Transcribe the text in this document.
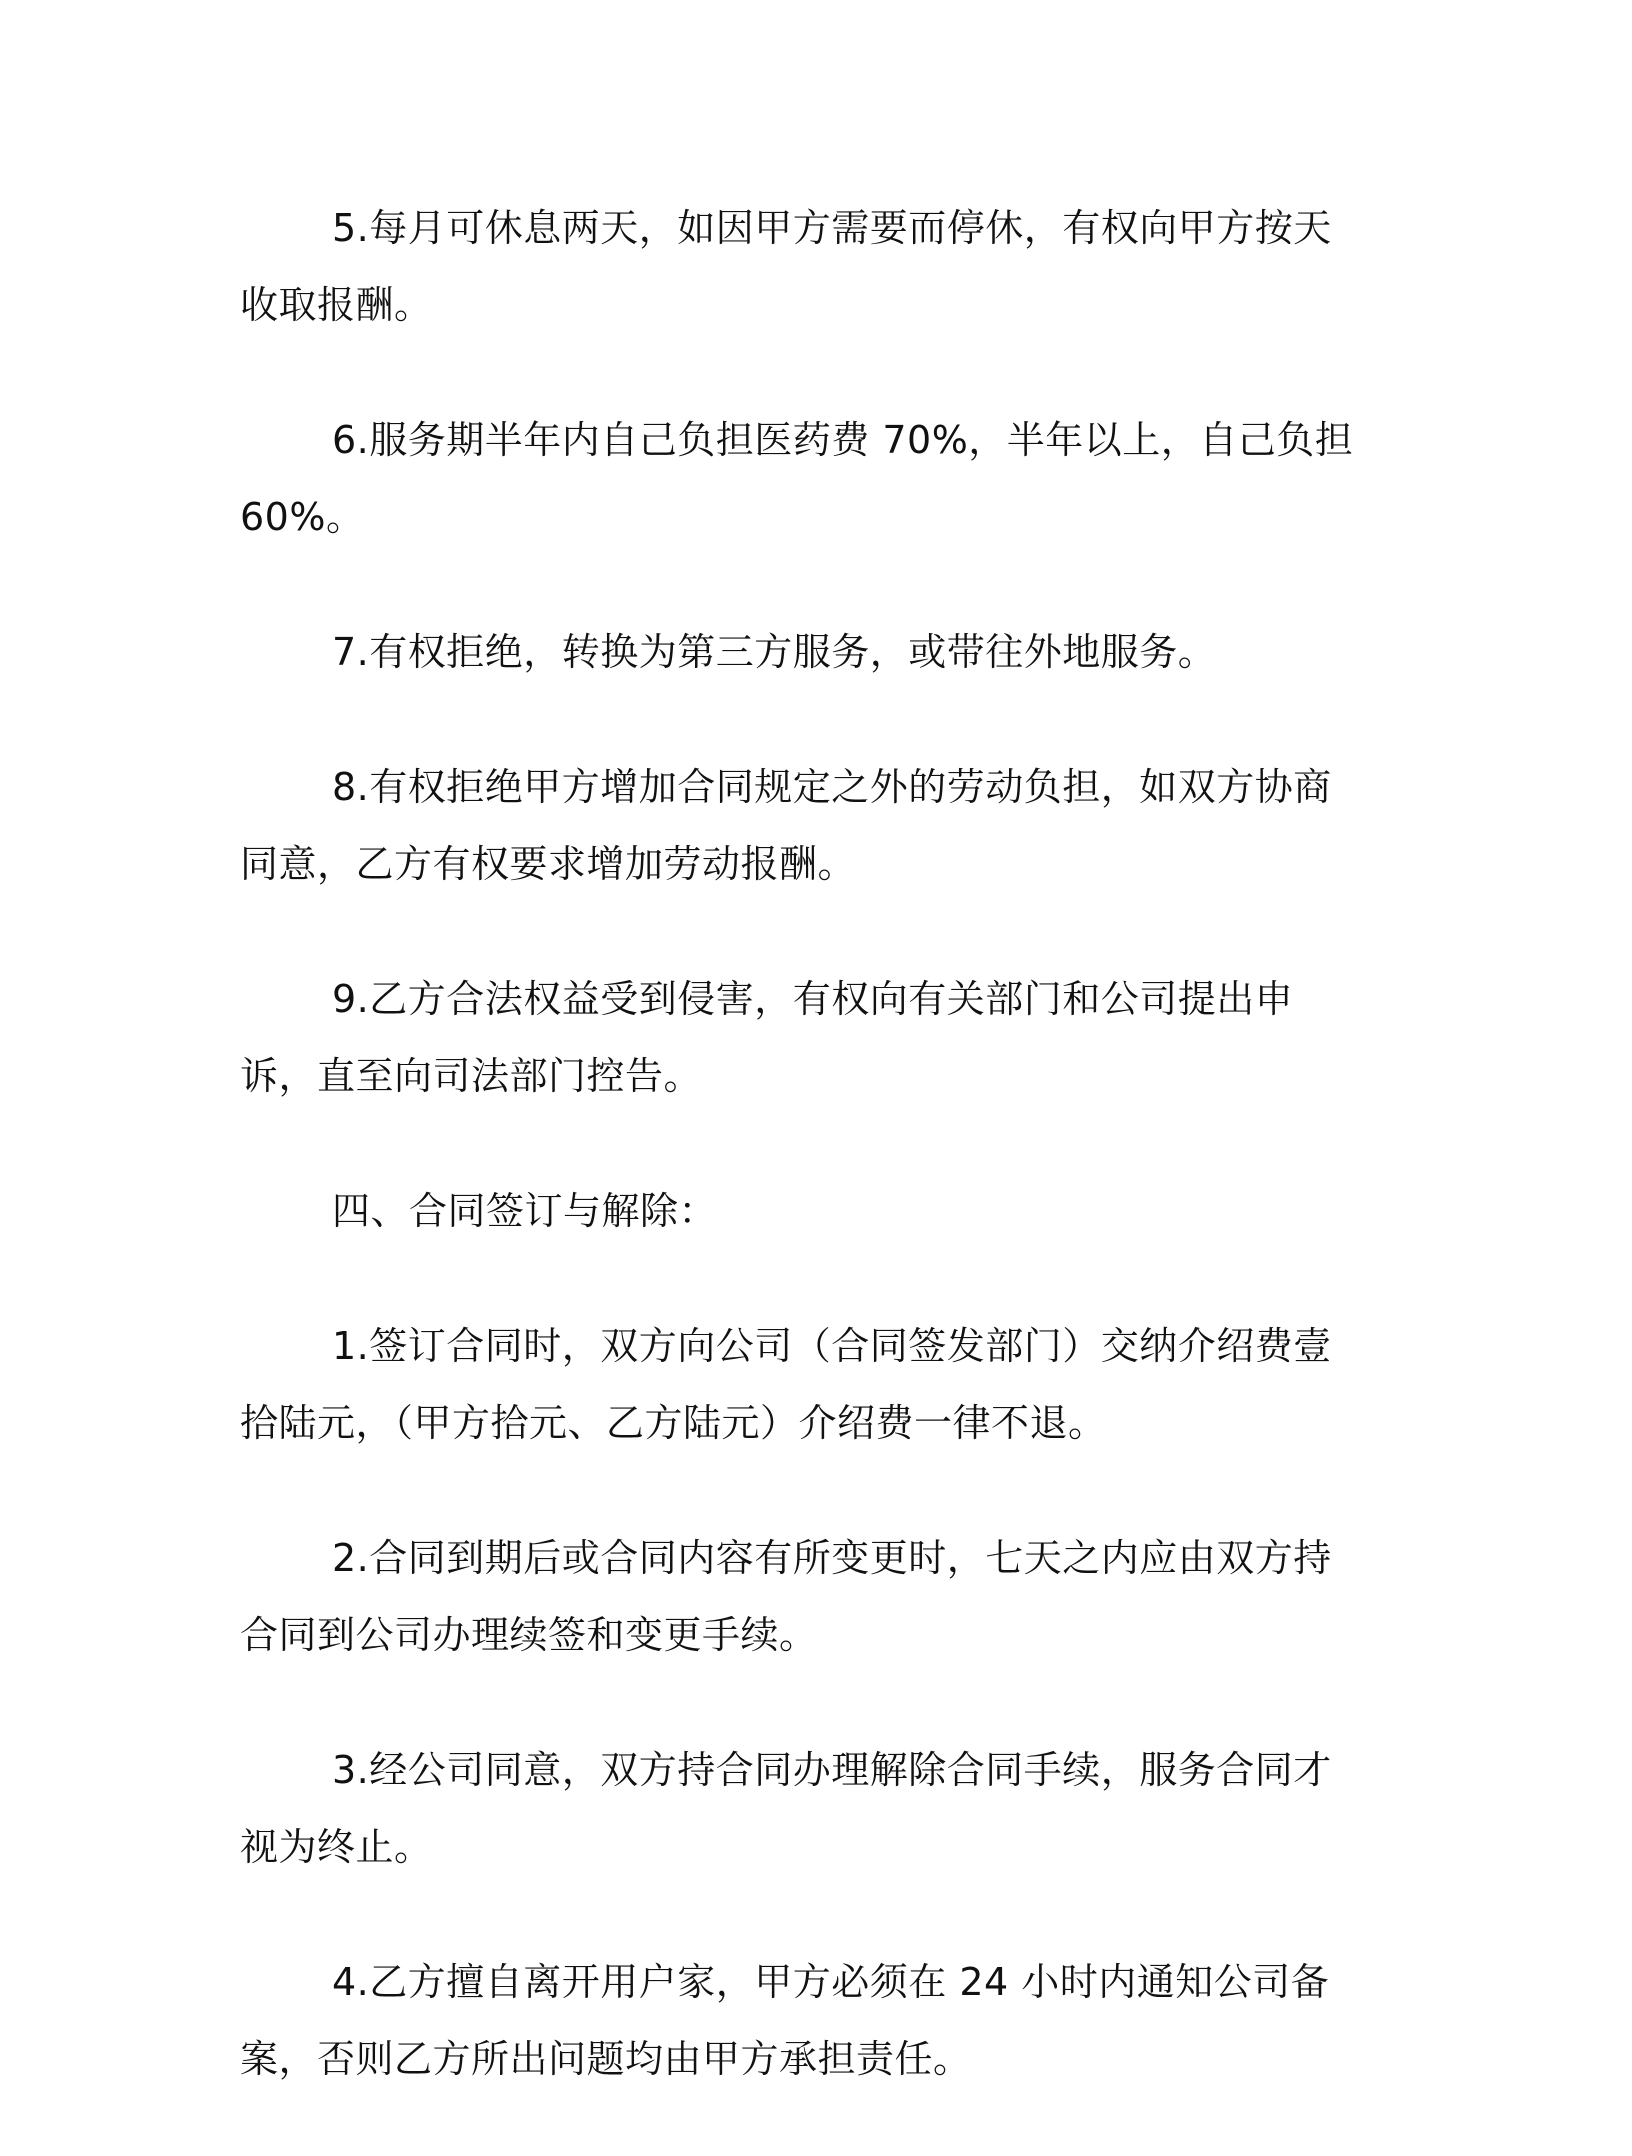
5.每月可休息两天，如因甲方需要而停休，有权向甲方按天收取报酬。

6.服务期半年内自己负担医药费 70%，半年以上，自己负担60%。

7.有权拒绝，转换为第三方服务，或带往外地服务。

8.有权拒绝甲方增加合同规定之外的劳动负担，如双方协商同意，乙方有权要求增加劳动报酬。

9.乙方合法权益受到侵害，有权向有关部门和公司提出申诉，直至向司法部门控告。

四、合同签订与解除：

1.签订合同时，双方向公司（合同签发部门）交纳介绍费壹拾陆元，（甲方拾元、乙方陆元）介绍费一律不退。

2.合同到期后或合同内容有所变更时，七天之内应由双方持合同到公司办理续签和变更手续。

3.经公司同意，双方持合同办理解除合同手续，服务合同才视为终止。

4.乙方擅自离开用户家，甲方必须在 24 小时内通知公司备案，否则乙方所出问题均由甲方承担责任。
